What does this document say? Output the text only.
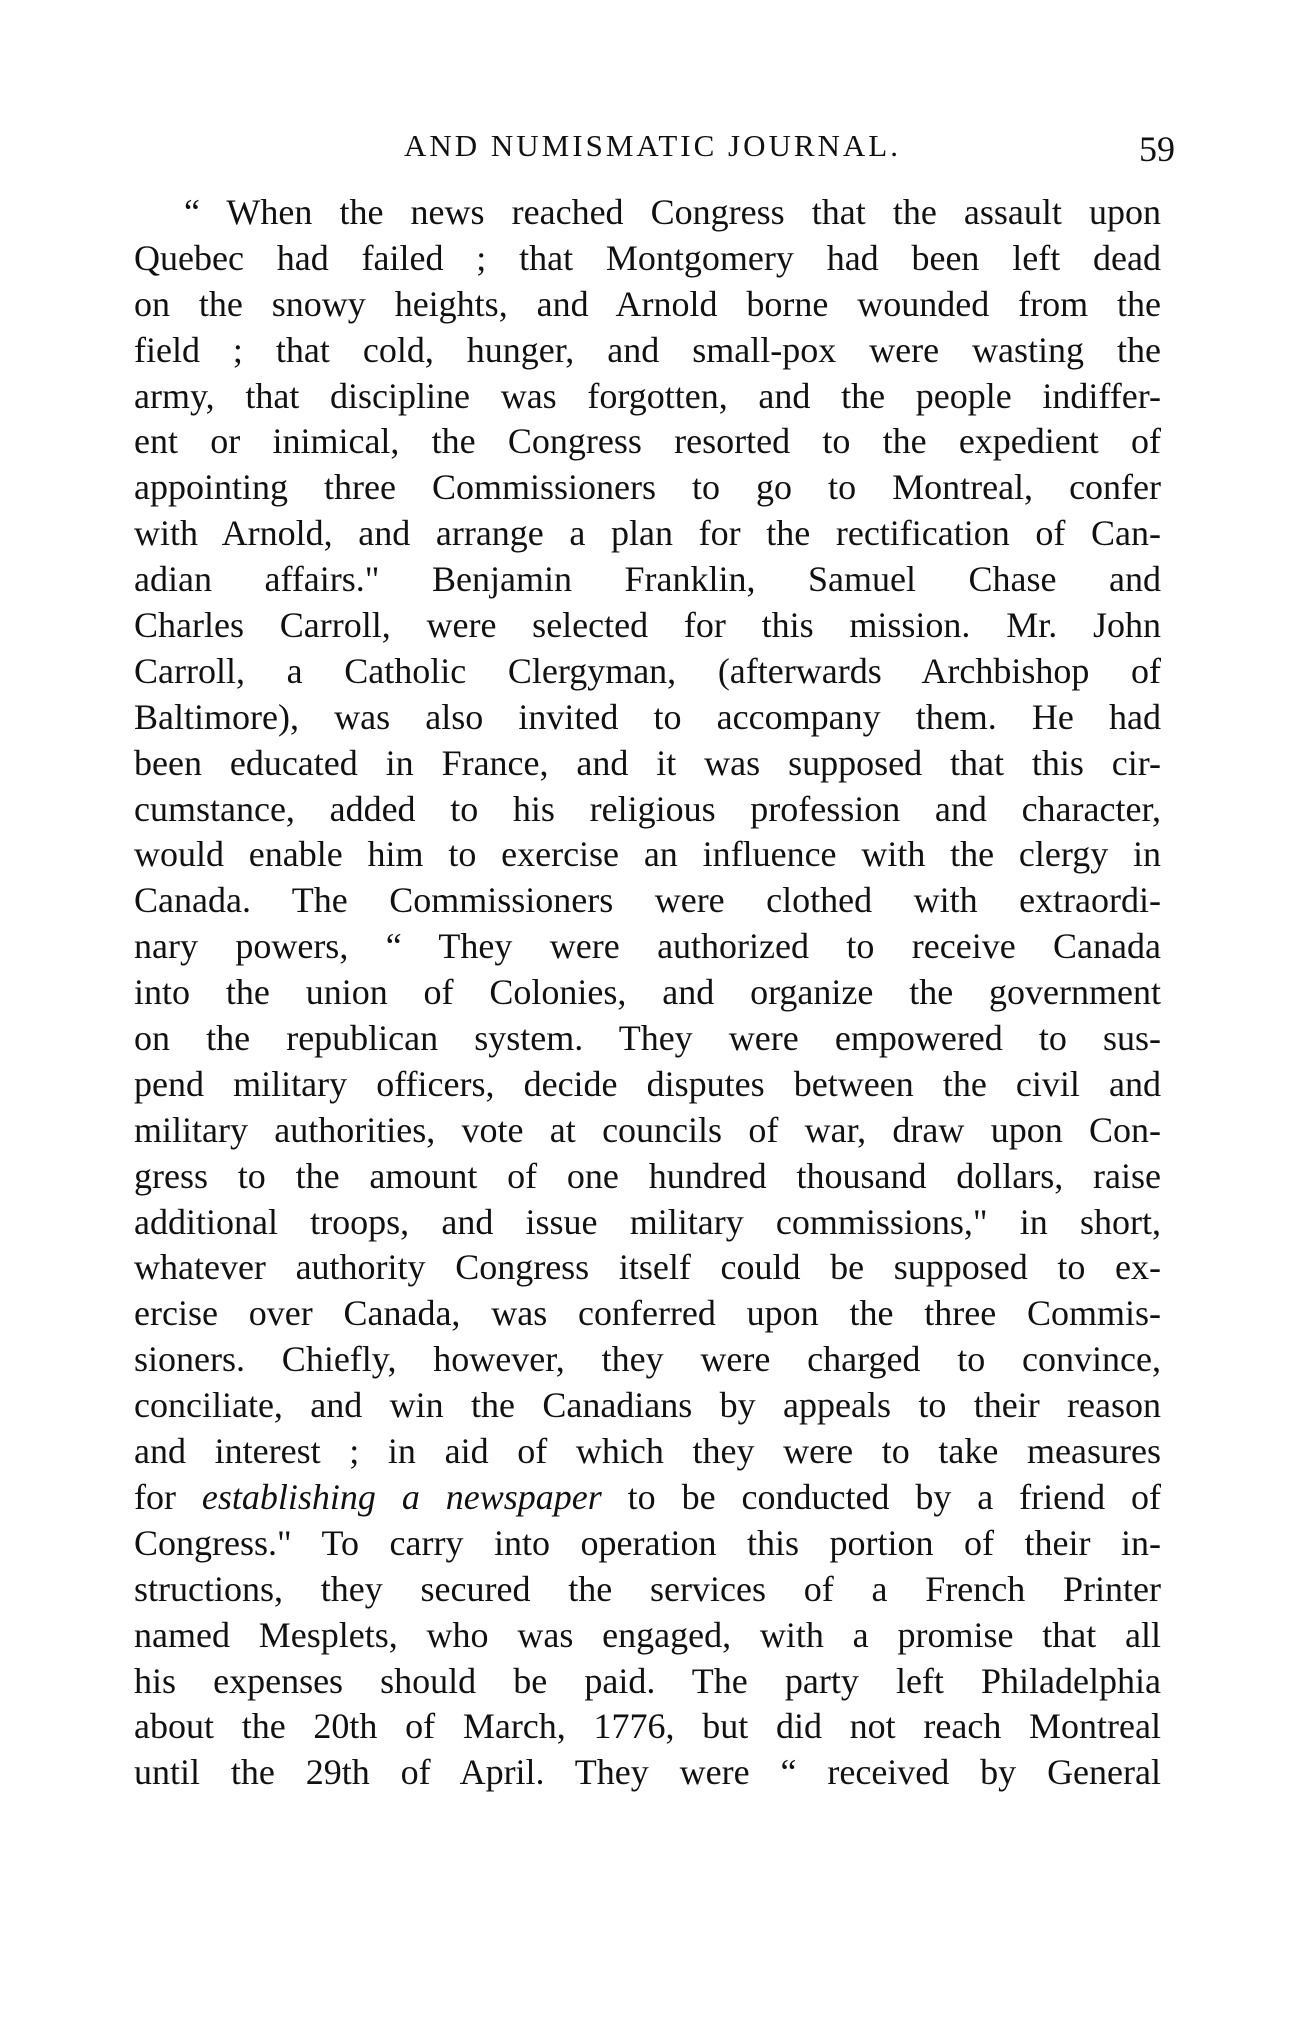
AND NUMISMATIC JOURNAL.	59
“ When the news reached Congress that the assault upon
Quebec had failed ; that Montgomery had been left dead
on the snowy heights, and Arnold borne wounded from the
field ; that cold, hunger, and small-pox were wasting the
army, that discipline was forgotten, and the people indiffer-
ent or inimical, the Congress resorted to the expedient of
appointing three Commissioners to go to Montreal, confer
with Arnold, and arrange a plan for the rectification of Can-
adian affairs." Benjamin Franklin, Samuel Chase and
Charles Carroll, were selected for this mission. Mr. John
Carroll, a Catholic Clergyman, (afterwards Archbishop of
Baltimore), was also invited to accompany them. He had
been educated in France, and it was supposed that this cir-
cumstance, added to his religious profession and character,
would enable him to exercise an influence with the clergy in
Canada. The Commissioners were clothed with extraordi-
nary powers, “ They were authorized to receive Canada
into the union of Colonies, and organize the government
on the republican system. They were empowered to sus-
pend military officers, decide disputes between the civil and
military authorities, vote at councils of war, draw upon Con-
gress to the amount of one hundred thousand dollars, raise
additional troops, and issue military commissions," in short,
whatever authority Congress itself could be supposed to ex-
ercise over Canada, was conferred upon the three Commis-
sioners. Chiefly, however, they were charged to convince,
conciliate, and win the Canadians by appeals to their reason
and interest ; in aid of which they were to take measures
for establishing a newspaper to be conducted by a friend of
Congress." To carry into operation this portion of their in-
structions, they secured the services of a French Printer
named Mesplets, who was engaged, with a promise that all
his expenses should be paid. The party left Philadelphia
about the 20th of March, 1776, but did not reach Montreal
until the 29th of April. They were “ received by General
